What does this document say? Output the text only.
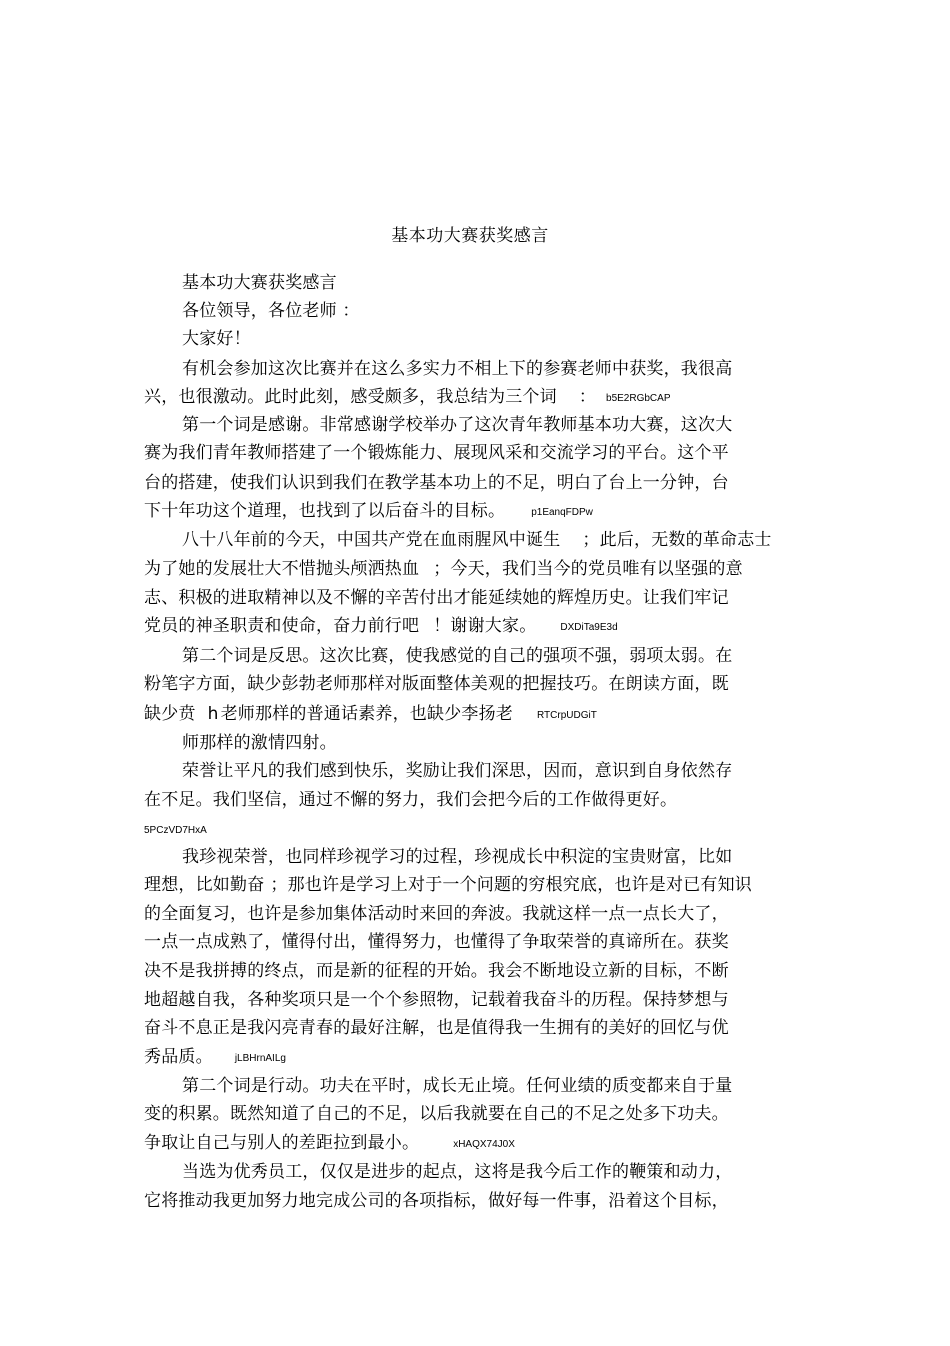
基本功大赛获奖感言
基本功大赛获奖感言
各位领导，各位老师 ：
大家好！
有机会参加这次比赛并在这么多实力不相上下的参赛老师中获奖，我很高
兴，也很激动。此时此刻，感受颇多，我总结为三个词 ： b5E2RGbCAP
第一个词是感谢。非常感谢学校举办了这次青年教师基本功大赛，这次大
赛为我们青年教师搭建了一个锻炼能力、展现风采和交流学习的平台。这个平
台的搭建，使我们认识到我们在教学基本功上的不足，明白了台上一分钟，台
下十年功这个道理，也找到了以后奋斗的目标。	p1EanqFDPw
八十八年前的今天，中国共产党在血雨腥风中诞生 ；此后，无数的革命志士
为了她的发展壮大不惜抛头颅洒热血 ；今天，我们当今的党员唯有以坚强的意
志、积极的进取精神以及不懈的辛苦付出才能延续她的辉煌历史。让我们牢记
党员的神圣职责和使命，奋力前行吧 ！谢谢大家。 DXDiTa9E3d
第二个词是反思。这次比赛，使我感觉的自己的强项不强，弱项太弱。在
粉笔字方面，缺少彭勃老师那样对版面整体美观的把握技巧。在朗读方面，既
缺少贲 h 老师那样的普通话素养，也缺少李扬老 RTCrpUDGiT
师那样的激情四射。
荣誉让平凡的我们感到快乐，奖励让我们深思，因而，意识到自身依然存
在不足。我们坚信，通过不懈的努力，我们会把今后的工作做得更好。
5PCzVD7HxA
我珍视荣誉，也同样珍视学习的过程，珍视成长中积淀的宝贵财富，比如
理想，比如勤奋 ；那也许是学习上对于一个问题的穷根究底，也许是对已有知识
的全面复习，也许是参加集体活动时来回的奔波。我就这样一点一点长大了，
一点一点成熟了，懂得付出，懂得努力，也懂得了争取荣誉的真谛所在。获奖
决不是我拼搏的终点，而是新的征程的开始。我会不断地设立新的目标，不断
地超越自我，各种奖项只是一个个参照物，记载着我奋斗的历程。保持梦想与
奋斗不息正是我闪亮青春的最好注解，也是值得我一生拥有的美好的回忆与优
秀品质。 jLBHrnAILg
第二个词是行动。功夫在平时，成长无止境。任何业绩的质变都来自于量
变的积累。既然知道了自己的不足，以后我就要在自己的不足之处多下功夫。
争取让自己与别人的差距拉到最小。	xHAQX74J0X
当选为优秀员工，仅仅是进步的起点，这将是我今后工作的鞭策和动力，
它将推动我更加努力地完成公司的各项指标，做好每一件事，沿着这个目标，
